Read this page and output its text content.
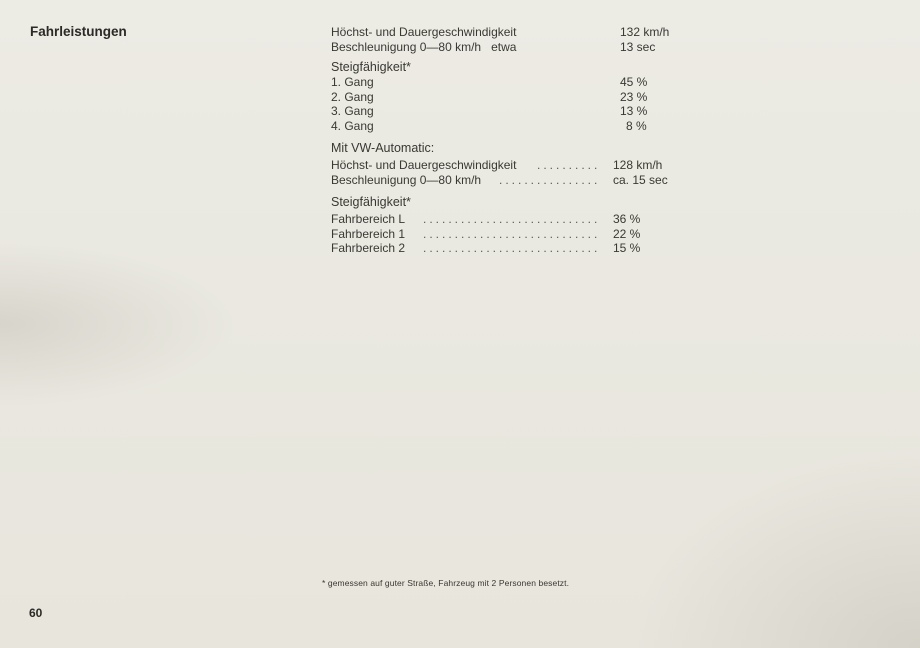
Fahrleistungen	Höchst- und Dauergeschwindigkeit	132 km/h
Beschleunigung 0—80 km/h   etwa	13 sec
Steigfähigkeit*
1. Gang	45 %
2. Gang	23 %
3. Gang	13 %
4. Gang	8 %
Mit VW-Automatic:
Höchst- und Dauergeschwindigkeit ..........	128 km/h
Beschleunigung 0—80 km/h ................	ca. 15 sec
Steigfähigkeit*
Fahrbereich L ............................	36 %
Fahrbereich 1 ............................	22 %
Fahrbereich 2 ............................	15 %
* gemessen auf guter Straße, Fahrzeug mit 2 Personen besetzt.
60
